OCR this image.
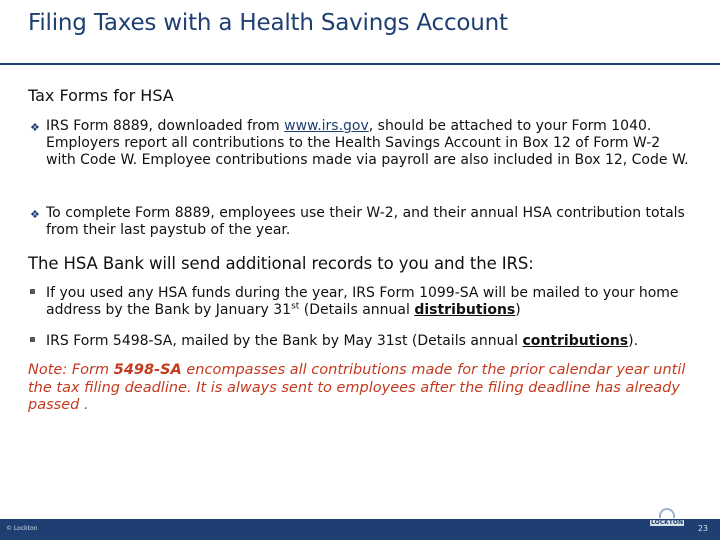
Filing Taxes with a Health Savings Account
Tax Forms for HSA
❖ IRS Form 8889, downloaded from www.irs.gov, should be attached to your Form 1040. Employers report all contributions to the Health Savings Account in Box 12 of Form W-2 with Code W. Employee contributions made via payroll are also included in Box 12, Code W.
❖ To complete Form 8889, employees use their W-2, and their annual HSA contribution totals from their last paystub of the year.
The HSA Bank will send additional records to you and the IRS:
If you used any HSA funds during the year, IRS Form 1099-SA will be mailed to your home address by the Bank by January 31st (Details annual distributions)
IRS Form 5498-SA, mailed by the Bank by May 31st (Details annual contributions).
Note: Form 5498-SA encompasses all contributions made for the prior calendar year until the tax filing deadline. It is always sent to employees after the filing deadline has already passed .
© Lockton
LOCKTON
23
